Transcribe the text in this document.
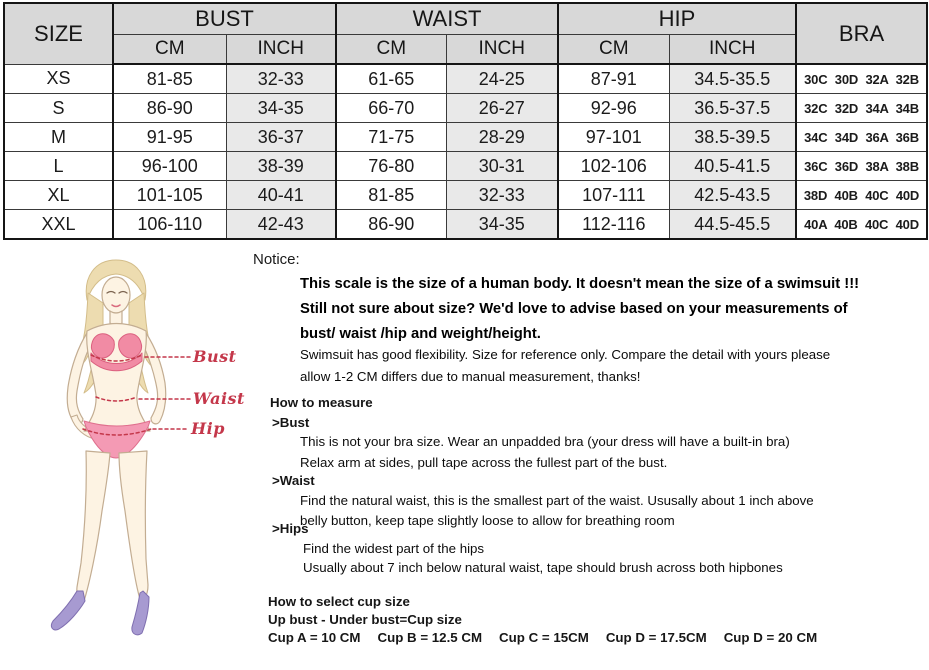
SIZE	BUST		WAIST		HIP		BRA
	CM	INCH	CM	INCH	CM	INCH	
XS	81-85	32-33	61-65	24-25	87-91	34.5-35.5	30C 30D 32A 32B
S	86-90	34-35	66-70	26-27	92-96	36.5-37.5	32C 32D 34A 34B
M	91-95	36-37	71-75	28-29	97-101	38.5-39.5	34C 34D 36A 36B
L	96-100	38-39	76-80	30-31	102-106	40.5-41.5	36C 36D 38A 38B
XL	101-105	40-41	81-85	32-33	107-111	42.5-43.5	38D 40B 40C 40D
XXL	106-110	42-43	86-90	34-35	112-116	44.5-45.5	40A 40B 40C 40D
Bust
Waist
Hip
Notice:
This scale is the size of a human body. It doesn't mean the size of a swimsuit !!!
Still not sure about size? We'd love to advise based on your measurements of
bust/ waist /hip and weight/height.
Swimsuit has good flexibility. Size for reference only. Compare the detail with yours please
allow 1-2 CM differs due to manual measurement, thanks!
How to measure
>Bust
This is not your bra size. Wear an unpadded bra (your dress will have a built-in bra)
Relax arm at sides, pull tape across the fullest part of the bust.
>Waist
Find the natural waist, this is the smallest part of the waist. Ususally about 1 inch above
belly button, keep tape slightly loose to allow for breathing room
>Hips
Find the widest part of the hips
Usually about 7 inch below natural waist, tape should brush across both hipbones
How to select cup size
Up bust - Under bust=Cup size
Cup A = 10 CM Cup B = 12.5 CM Cup C = 15CM Cup D = 17.5CM Cup D = 20 CM
